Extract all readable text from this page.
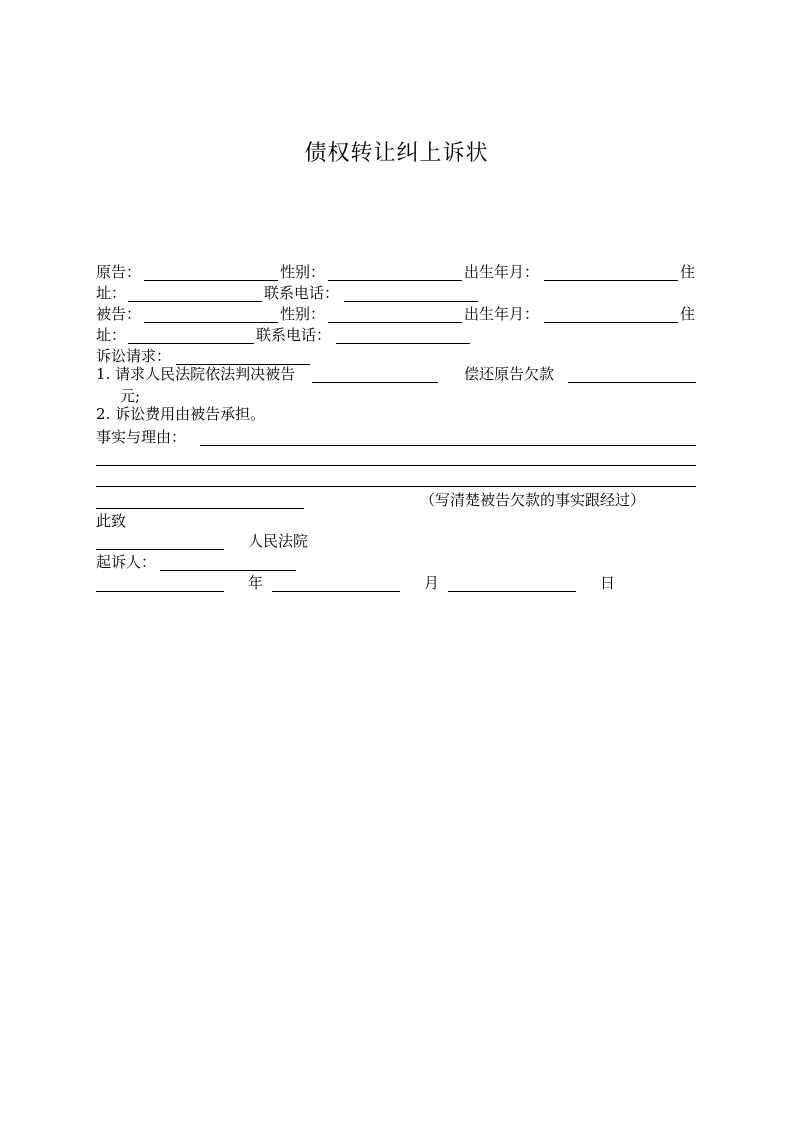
债权转让纠上诉状
原告：	性别：	出生年月：	住
址：	联系电话：
被告：	性别：	出生年月：	住
址：	联系电话：
诉讼请求：
1. 请求人民法院依法判决被告	偿还原告欠款
元;
2. 诉讼费用由被告承担。
事实与理由：
（写清楚被告欠款的事实跟经过）
此致
人民法院
起诉人：
年	月	日
